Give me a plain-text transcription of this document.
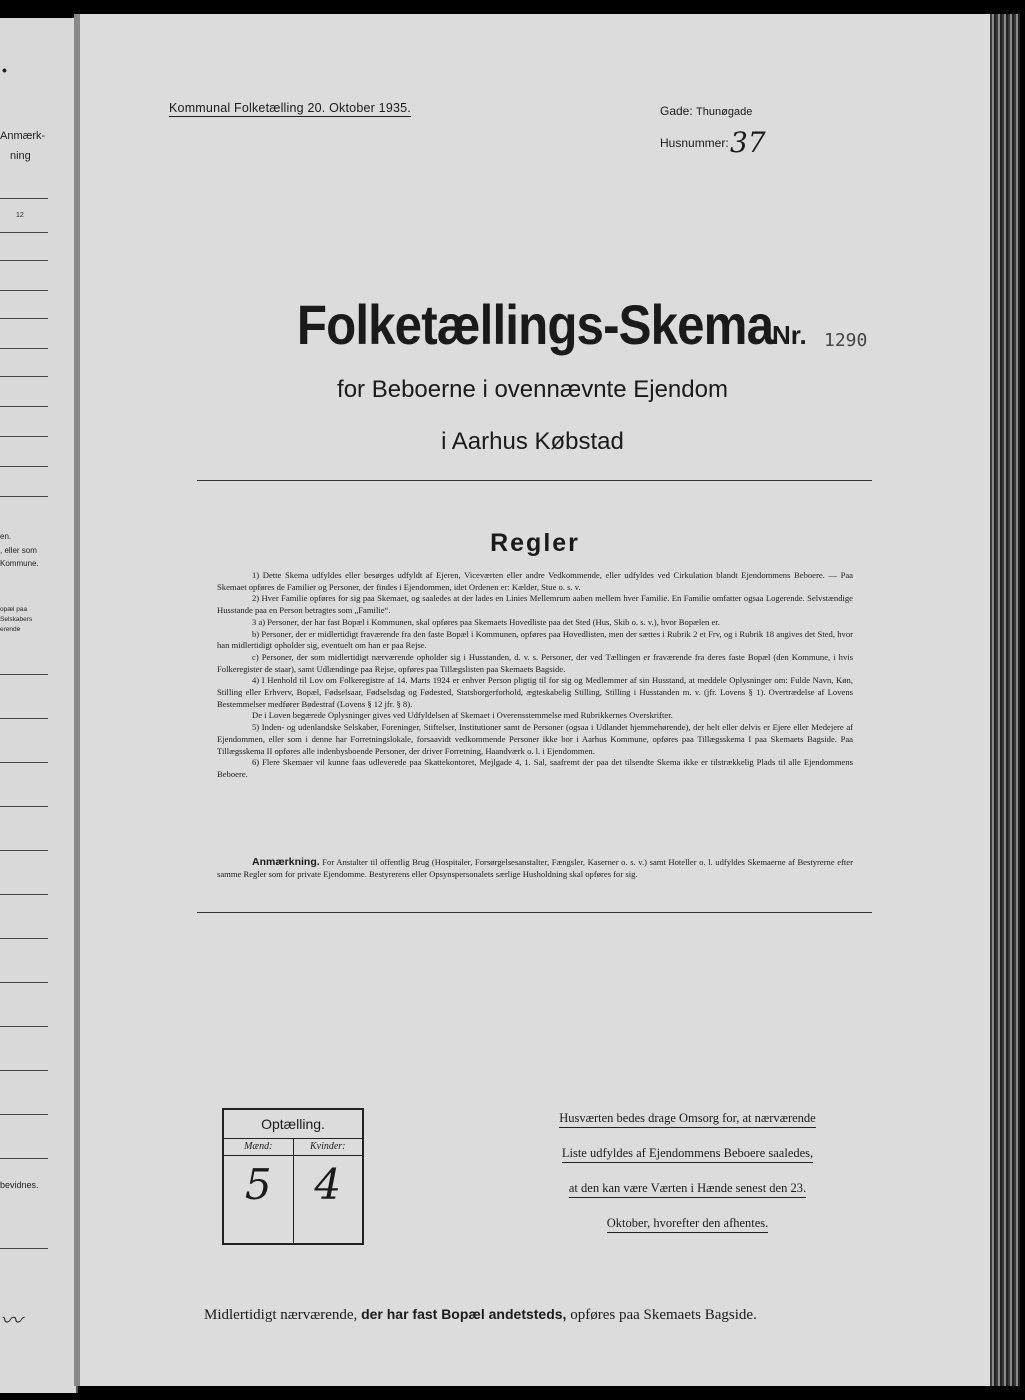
•
Anmærk-
ning
12
en.
, eller som
Kommune.
opæl paa
Selskabers
erende
bevidnes.
〰
Kommunal Folketælling 20. Oktober 1935.	Gade: Thunøgade
Husnummer: 37
Folketællings-Skema
Nr. 1290
for Beboerne i ovennævnte Ejendom
i Aarhus Købstad
Regler

1) Dette Skema udfyldes eller besørges udfyldt af Ejeren, Viceværten eller andre Vedkommende, eller udfyldes ved Cirkulation blandt Ejendommens Beboere. — Paa Skemaet opføres de Familier og Personer, der findes i Ejendommen, idet Ordenen er: Kælder, Stue o. s. v.

2) Hver Familie opføres for sig paa Skemaet, og saaledes at der lades en Linies Mellemrum aaben mellem hver Familie. En Familie omfatter ogsaa Logerende. Selvstændige Husstande paa en Person betragtes som „Familie“.

3 a) Personer, der har fast Bopæl i Kommunen, skal opføres paa Skemaets Hovedliste paa det Sted (Hus, Skib o. s. v.), hvor Bopælen er.

b) Personer, der er midlertidigt fraværende fra den faste Bopæl i Kommunen, opføres paa Hovedlisten, men der sættes i Rubrik 2 et Frv, og i Rubrik 18 angives det Sted, hvor han midlertidigt opholder sig, eventuelt om han er paa Rejse.

c) Personer, der som midlertidigt nærværende opholder sig i Husstanden, d. v. s. Personer, der ved Tællingen er fraværende fra deres faste Bopæl (den Kommune, i hvis Folkeregister de staar), samt Udlændinge paa Rejse, opføres paa Tillægslisten paa Skemaets Bagside.

4) I Henhold til Lov om Folkeregistre af 14. Marts 1924 er enhver Person pligtig til for sig og Medlemmer af sin Husstand, at meddele Oplysninger om: Fulde Navn, Køn, Stilling eller Erhverv, Bopæl, Fødselsaar, Fødselsdag og Fødested, Statsborgerforhold, ægteskabelig Stilling, Stilling i Husstanden m. v. (jfr. Lovens § 1). Overtrædelse af Lovens Bestemmelser medfører Bødestraf (Lovens § 12 jfr. § 8).

De i Loven begærede Oplysninger gives ved Udfyldelsen af Skemaet i Overensstemmelse med Rubrikkernes Overskrifter.

5) Inden- og udenlandske Selskaber, Foreninger, Stiftelser, Institutioner samt de Personer (ogsaa i Udlandet hjemmehørende), der helt eller delvis er Ejere eller Medejere af Ejendommen, eller som i denne har Forretningslokale, forsaavidt vedkommende Personer ikke bor i Aarhus Kommune, opføres paa Tillægsskema I paa Skemaets Bagside. Paa Tillægsskema II opføres alle indenbysboende Personer, der driver Forretning, Haandværk o. l. i Ejendommen.

6) Flere Skemaer vil kunne faas udleverede paa Skattekontoret, Mejlgade 4, 1. Sal, saafremt der paa det tilsendte Skema ikke er tilstrækkelig Plads til alle Ejendommens Beboere.

Anmærkning. For Anstalter til offentlig Brug (Hospitaler, Forsørgelsesanstalter, Fængsler, Kaserner o. s. v.) samt Hoteller o. l. udfyldes Skemaerne af Bestyrerne efter samme Regler som for private Ejendomme. Bestyrerens eller Opsynspersonalets særlige Husholdning skal opføres for sig.
Optælling.
Mænd:
5
Kvinder:
4
Husværten bedes drage Omsorg for, at nærværende
Liste udfyldes af Ejendommens Beboere saaledes,
at den kan være Værten i Hænde senest den 23.
Oktober, hvorefter den afhentes.
Midlertidigt nærværende, der har fast Bopæl andetsteds, opføres paa Skemaets Bagside.
